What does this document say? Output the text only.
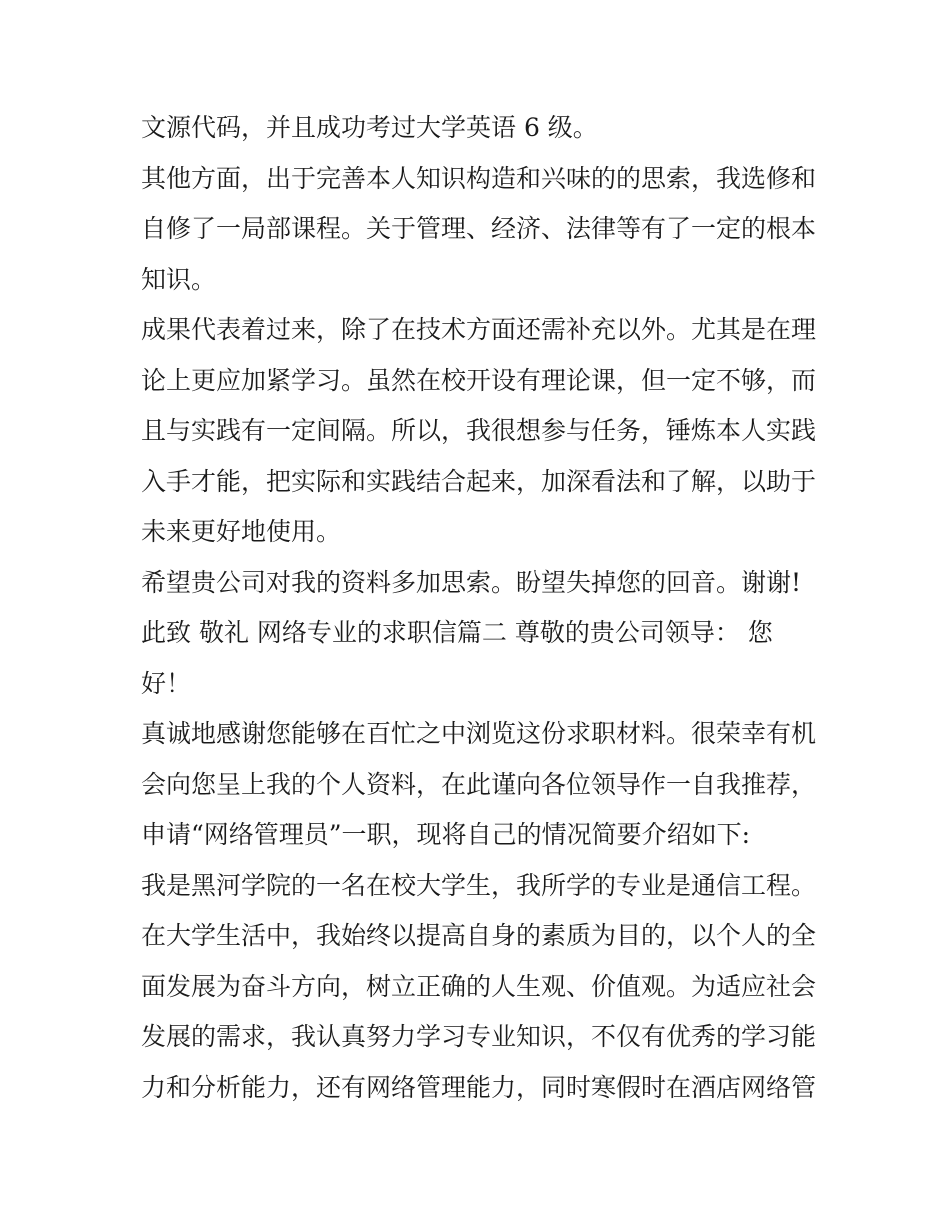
文源代码，并且成功考过大学英语 6 级。
其他方面，出于完善本人知识构造和兴味的的思索，我选修和
自修了一局部课程。关于管理、经济、法律等有了一定的根本
知识。
成果代表着过来，除了在技术方面还需补充以外。尤其是在理
论上更应加紧学习。虽然在校开设有理论课，但一定不够，而
且与实践有一定间隔。所以，我很想参与任务，锤炼本人实践
入手才能，把实际和实践结合起来，加深看法和了解，以助于
未来更好地使用。
希望贵公司对我的资料多加思索。盼望失掉您的回音。谢谢!
此致 敬礼 网络专业的求职信篇二 尊敬的贵公司领导： 您
好！
真诚地感谢您能够在百忙之中浏览这份求职材料。很荣幸有机
会向您呈上我的个人资料，在此谨向各位领导作一自我推荐，
申请“网络管理员”一职，现将自己的情况简要介绍如下:
我是黑河学院的一名在校大学生，我所学的专业是通信工程。
在大学生活中，我始终以提高自身的素质为目的，以个人的全
面发展为奋斗方向，树立正确的人生观、价值观。为适应社会
发展的需求，我认真努力学习专业知识，不仅有优秀的学习能
力和分析能力，还有网络管理能力，同时寒假时在酒店网络管
